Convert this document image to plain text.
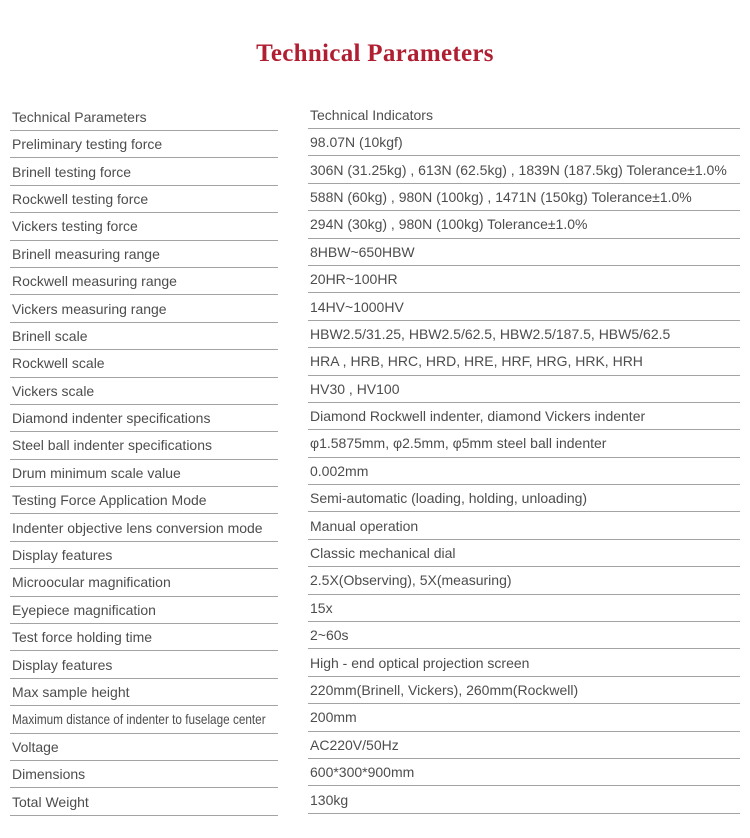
Technical Parameters
Technical Parameters	Technical Indicators
Preliminary testing force	98.07N (10kgf)
Brinell testing force	306N (31.25kg) , 613N (62.5kg) , 1839N (187.5kg) Tolerance±1.0%
Rockwell testing force	588N (60kg) , 980N (100kg) , 1471N (150kg) Tolerance±1.0%
Vickers testing force	294N (30kg) , 980N (100kg) Tolerance±1.0%
Brinell measuring range	8HBW~650HBW
Rockwell measuring range	20HR~100HR
Vickers measuring range	14HV~1000HV
Brinell scale	HBW2.5/31.25, HBW2.5/62.5, HBW2.5/187.5, HBW5/62.5
Rockwell scale	HRA , HRB, HRC, HRD, HRE, HRF, HRG, HRK, HRH
Vickers scale	HV30 , HV100
Diamond indenter specifications	Diamond Rockwell indenter, diamond Vickers indenter
Steel ball indenter specifications	φ1.5875mm, φ2.5mm, φ5mm steel ball indenter
Drum minimum scale value	0.002mm
Testing Force Application Mode	Semi-automatic (loading, holding, unloading)
Indenter objective lens conversion mode	Manual operation
Display features	Classic mechanical dial
Microocular magnification	2.5X(Observing), 5X(measuring)
Eyepiece magnification	15x
Test force holding time	2~60s
Display features	High - end optical projection screen
Max sample height	220mm(Brinell, Vickers), 260mm(Rockwell)
Maximum distance of indenter to fuselage center	200mm
Voltage	AC220V/50Hz
Dimensions	600*300*900mm
Total Weight	130kg
